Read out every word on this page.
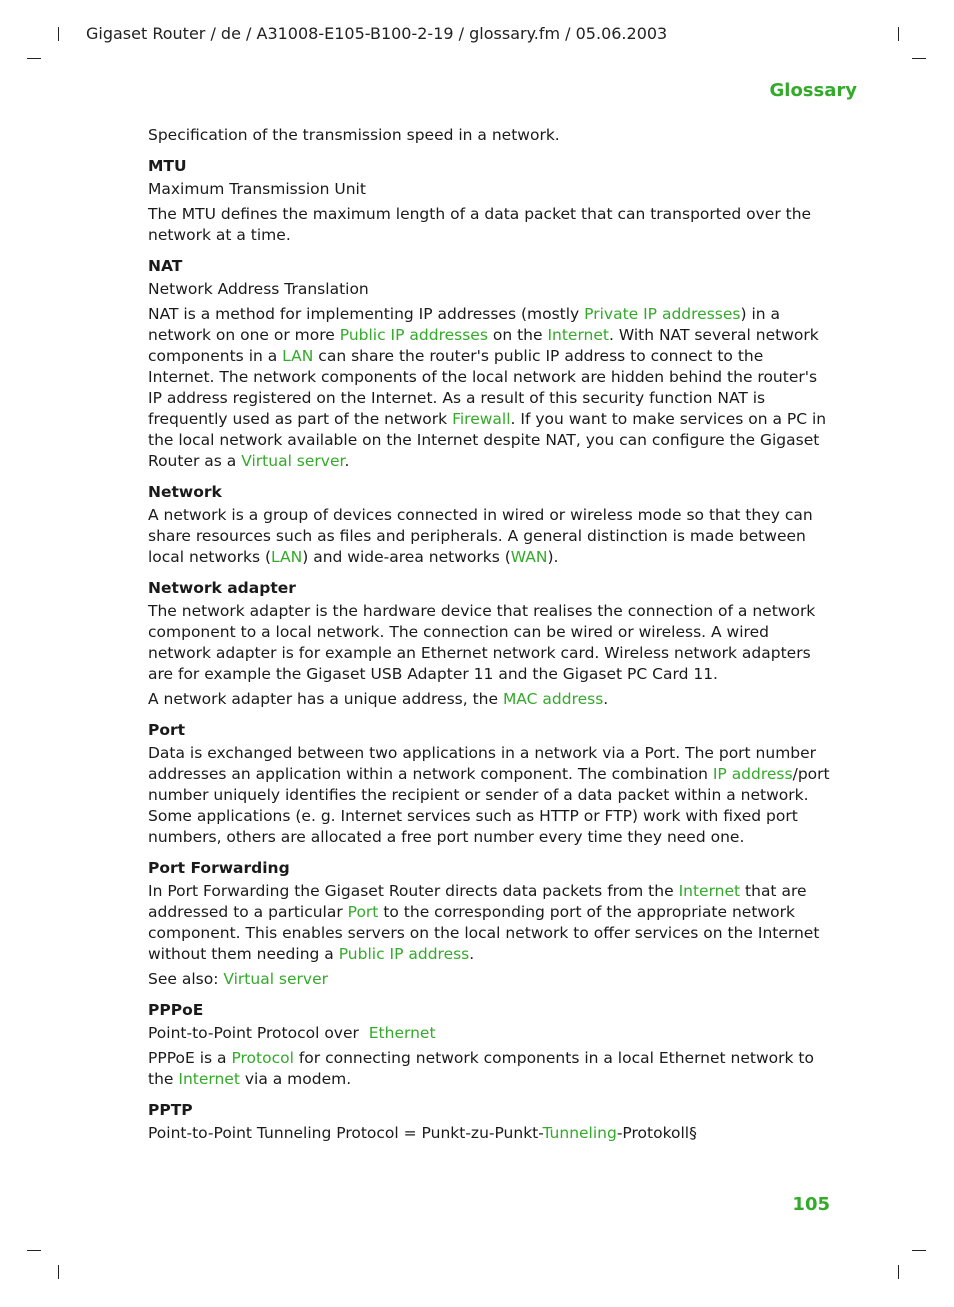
Gigaset Router / de / A31008-E105-B100-2-19 / glossary.fm / 05.06.2003
Glossary

Specification of the transmission speed in a network.

MTU

Maximum Transmission Unit

The MTU defines the maximum length of a data packet that can transported over the network at a time.

NAT

Network Address Translation

NAT is a method for implementing IP addresses (mostly Private IP addresses) in a network on one or more Public IP addresses on the Internet. With NAT several network components in a LAN can share the router's public IP address to connect to the Internet. The network components of the local network are hidden behind the router's IP address registered on the Internet. As a result of this security function NAT is frequently used as part of the network Firewall. If you want to make services on a PC in the local network available on the Internet despite NAT, you can configure the Gigaset Router as a Virtual server.

Network

A network is a group of devices connected in wired or wireless mode so that they can share resources such as files and peripherals. A general distinction is made between local networks (LAN) and wide-area networks (WAN).

Network adapter

The network adapter is the hardware device that realises the connection of a network component to a local network. The connection can be wired or wireless. A wired network adapter is for example an Ethernet network card. Wireless network adapters are for example the Gigaset USB Adapter 11 and the Gigaset PC Card 11.

A network adapter has a unique address, the MAC address.

Port

Data is exchanged between two applications in a network via a Port. The port number addresses an application within a network component. The combination IP address/port number uniquely identifies the recipient or sender of a data packet within a network. Some applications (e. g. Internet services such as HTTP or FTP) work with fixed port numbers, others are allocated a free port number every time they need one.

Port Forwarding

In Port Forwarding the Gigaset Router directs data packets from the Internet that are addressed to a particular Port to the corresponding port of the appropriate network component. This enables servers on the local network to offer services on the Internet without them needing a Public IP address.

See also: Virtual server

PPPoE

Point-to-Point Protocol over  Ethernet

PPPoE is a Protocol for connecting network components in a local Ethernet network to the Internet via a modem.

PPTP

Point-to-Point Tunneling Protocol = Punkt-zu-Punkt-Tunneling-Protokoll§

105
